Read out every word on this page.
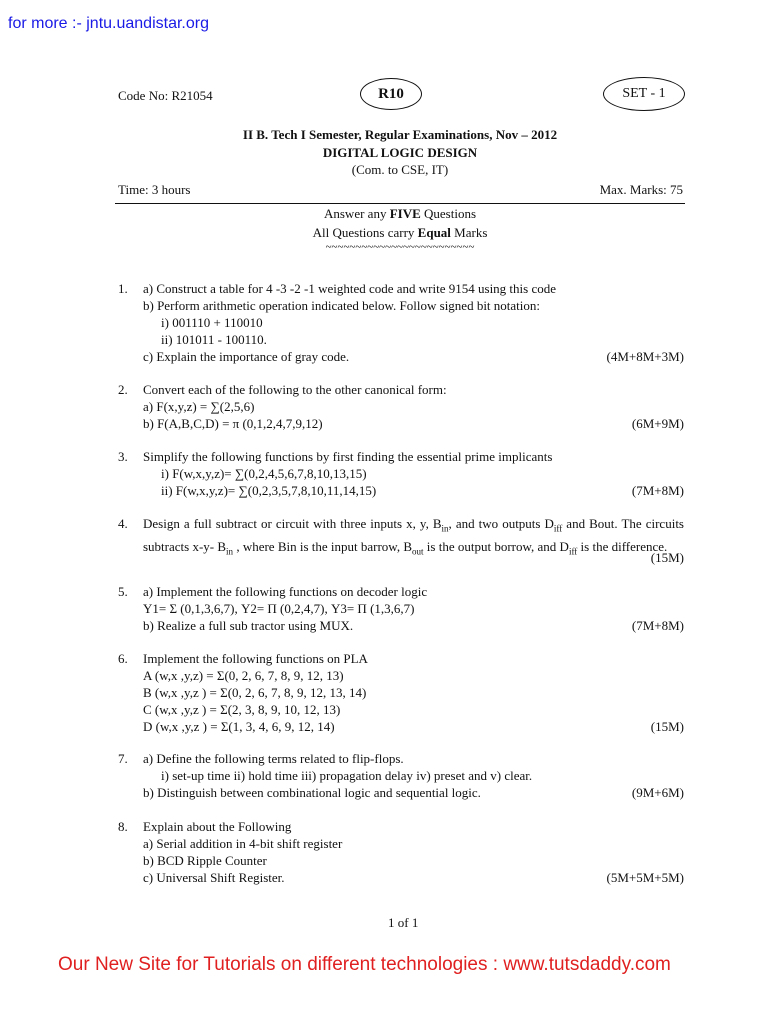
for more :- jntu.uandistar.org
Code No: R21054	R10	SET - 1
II B. Tech I Semester, Regular Examinations, Nov – 2012
DIGITAL LOGIC DESIGN
(Com. to CSE, IT)
Time: 3 hours	Max. Marks: 75
Answer any FIVE Questions
All Questions carry Equal Marks
~~~~~~~~~~~~~~~~~~~~~~~~~
1. a) Construct a table for 4 -3 -2 -1 weighted code and write 9154 using this code
b) Perform arithmetic operation indicated below. Follow signed bit notation:
i) 001110 + 110010
ii) 101011 - 100110.
c) Explain the importance of gray code.	(4M+8M+3M)
2. Convert each of the following to the other canonical form:
a) F(x,y,z) = ∑(2,5,6)
b) F(A,B,C,D) = π (0,1,2,4,7,9,12)	(6M+9M)
3. Simplify the following functions by first finding the essential prime implicants
i) F(w,x,y,z)= ∑(0,2,4,5,6,7,8,10,13,15)
ii) F(w,x,y,z)= ∑(0,2,3,5,7,8,10,11,14,15)	(7M+8M)
4. Design a full subtract or circuit with three inputs x, y, $B_{in}$, and two outputs $D_{iff}$ and Bout. The circuits subtracts x-y- $B_{in}$ , where Bin is the input barrow, $B_{out}$ is the output borrow, and $D_{iff}$ is the difference.
(15M)
5. a) Implement the following functions on decoder logic
Y1= Σ (0,1,3,6,7), Y2= Π (0,2,4,7), Y3= Π (1,3,6,7)
b) Realize a full sub tractor using MUX.	(7M+8M)
6. Implement the following functions on PLA
A (w,x ,y,z) = Σ(0, 2, 6, 7, 8, 9, 12, 13)
B (w,x ,y,z ) = Σ(0, 2, 6, 7, 8, 9, 12, 13, 14)
C (w,x ,y,z ) = Σ(2, 3, 8, 9, 10, 12, 13)
D (w,x ,y,z ) = Σ(1, 3, 4, 6, 9, 12, 14)	(15M)
7. a) Define the following terms related to flip-flops.
i) set-up time ii) hold time iii) propagation delay iv) preset and v) clear.
b) Distinguish between combinational logic and sequential logic.	(9M+6M)
8. Explain about the Following
a) Serial addition in 4-bit shift register
b) BCD Ripple Counter
c) Universal Shift Register.	(5M+5M+5M)
1 of 1
Our New Site for Tutorials on different technologies : www.tutsdaddy.com
